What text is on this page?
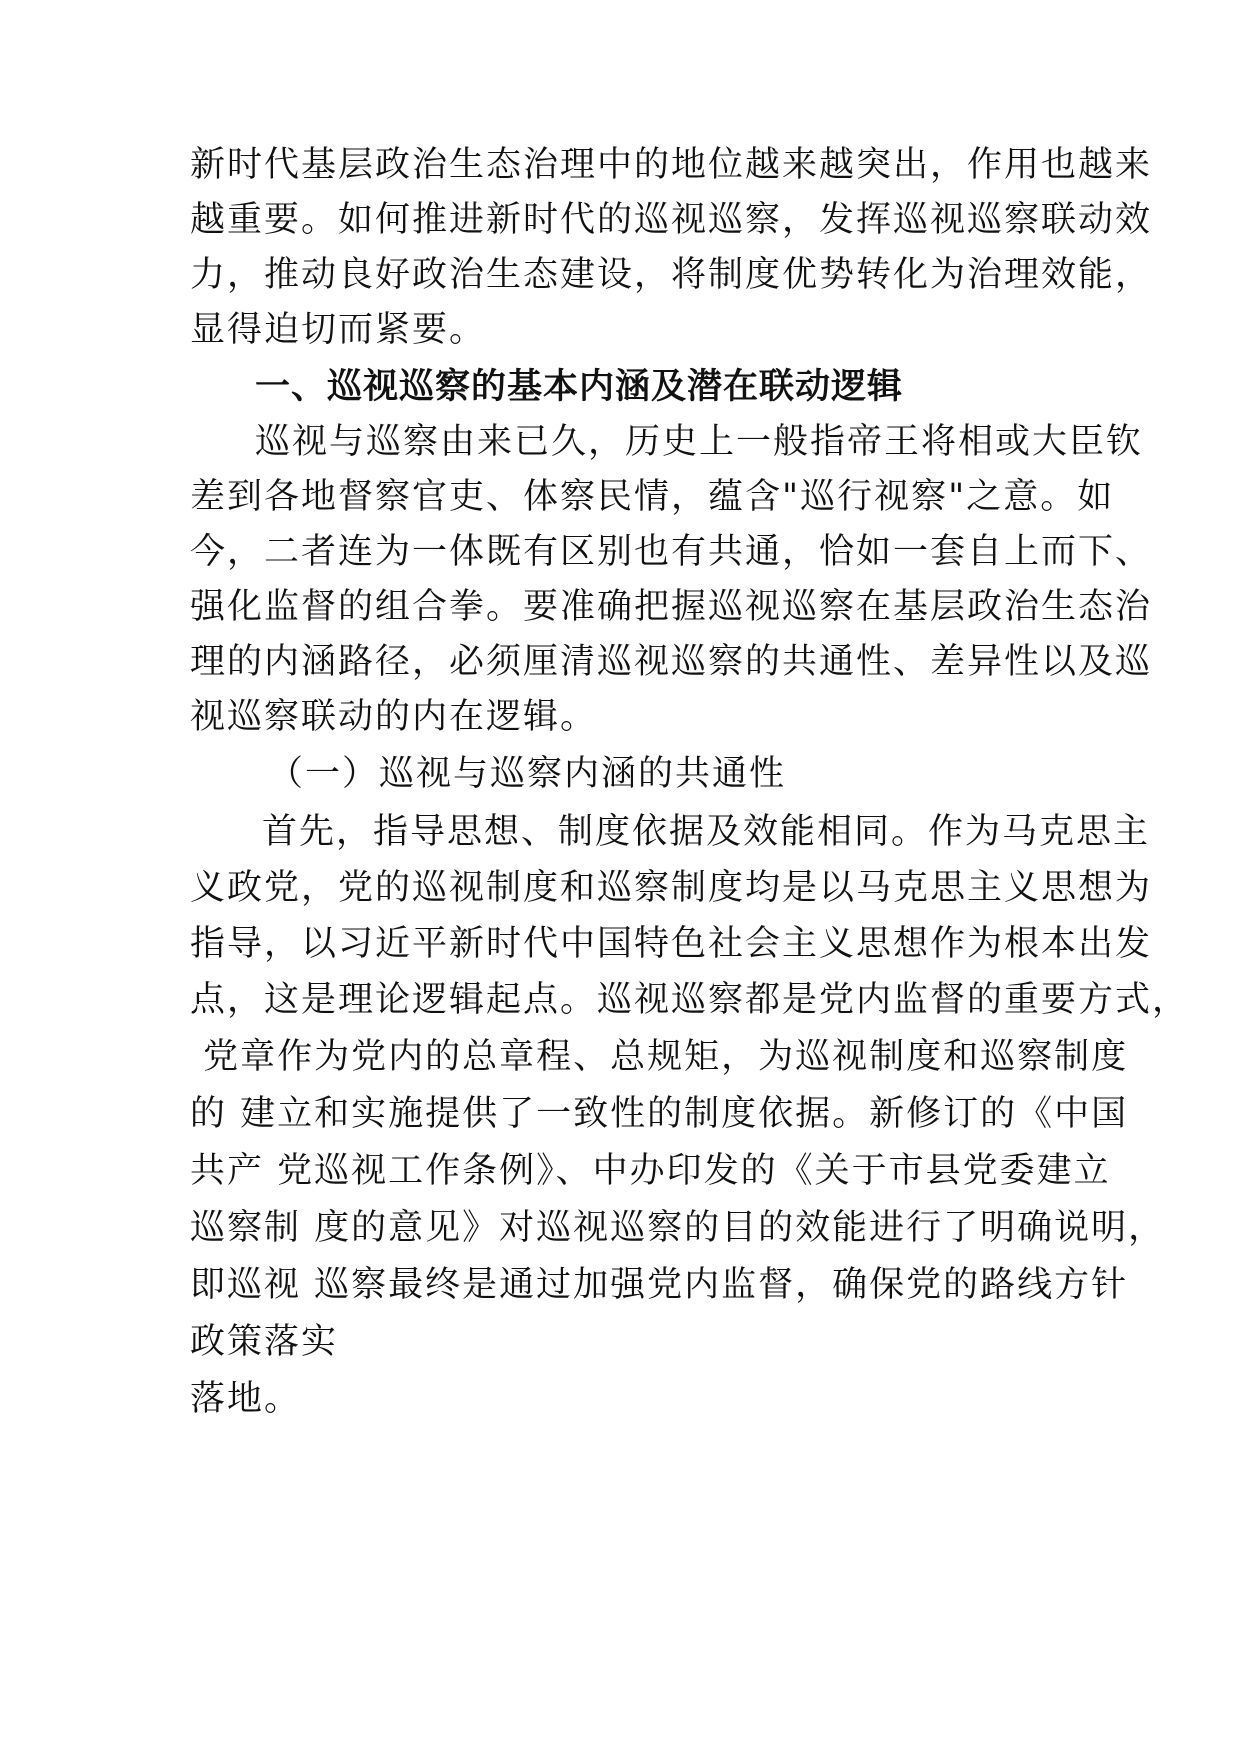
新时代基层政治生态治理中的地位越来越突出，作用也越来

越重要。如何推进新时代的巡视巡察，发挥巡视巡察联动效

力，推动良好政治生态建设，将制度优势转化为治理效能，

显得迫切而紧要。

一、巡视巡察的基本内涵及潜在联动逻辑

巡视与巡察由来已久，历史上一般指帝王将相或大臣钦

差到各地督察官吏、体察民情，蕴含"巡行视察"之意。如

今，二者连为一体既有区别也有共通，恰如一套自上而下、

强化监督的组合拳。要准确把握巡视巡察在基层政治生态治

理的内涵路径，必须厘清巡视巡察的共通性、差异性以及巡

视巡察联动的内在逻辑。

（一）巡视与巡察内涵的共通性

首先，指导思想、制度依据及效能相同。作为马克思主

义政党，党的巡视制度和巡察制度均是以马克思主义思想为

指导，以习近平新时代中国特色社会主义思想作为根本出发

点，这是理论逻辑起点。巡视巡察都是党内监督的重要方式，

党章作为党内的总章程、总规矩，为巡视制度和巡察制度

的 建立和实施提供了一致性的制度依据。新修订的《中国

共产 党巡视工作条例》、中办印发的《关于市县党委建立

巡察制 度的意见》对巡视巡察的目的效能进行了明确说明，

即巡视 巡察最终是通过加强党内监督，确保党的路线方针

政策落实

落地。
